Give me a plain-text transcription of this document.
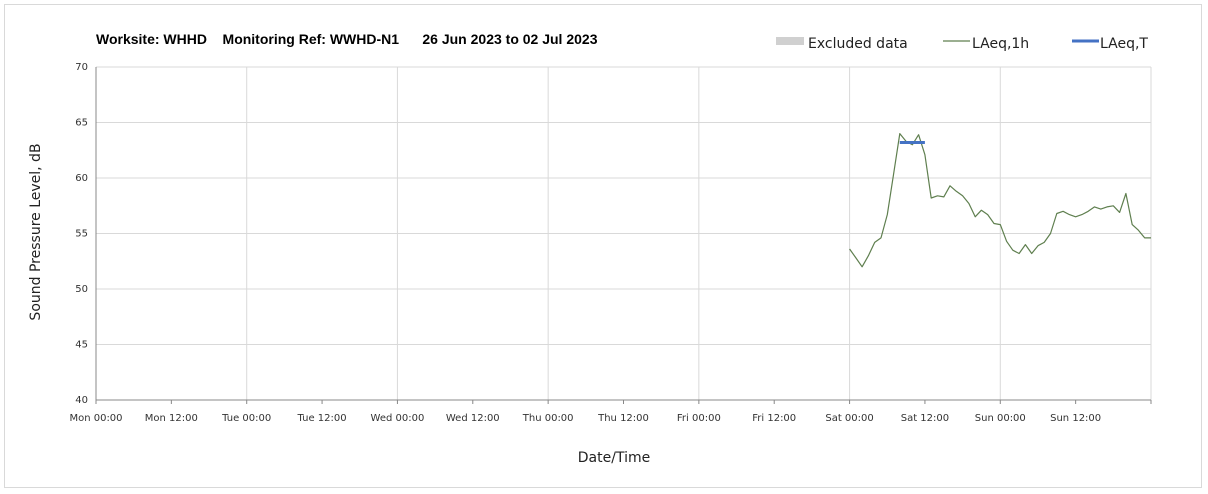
40
45
50
55
60
65
70
Mon 00:00 Mon 12:00 Tue 00:00	Tue 12:00 Wed 00:00 Wed 12:00 Thu 00:00 Thu 12:00	Fri 00:00	Fri 12:00	Sat 00:00	Sat 12:00	Sun 00:00 Sun 12:00
Worksite: WHHD    Monitoring Ref: WWHD-N1      26 Jun 2023 to 02 Jul 2023	Excluded data	LAeq,1h	LAeq,T
Date/Time
Sound Pressure Level, dB
